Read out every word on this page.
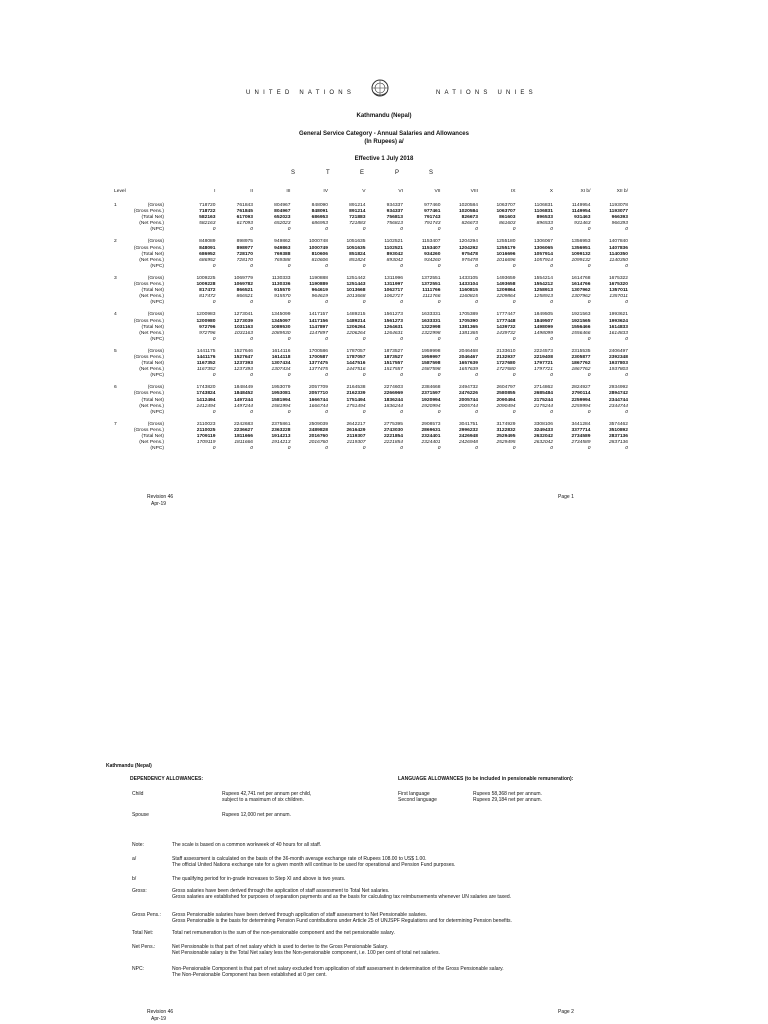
UNITED NATIONS	NATIONS UNIES
Kathmandu (Nepal)
General Service Category - Annual Salaries and Allowances
(In Rupees) a/
Effective 1 July 2018
S	T	E	P	S
Level		I	II	III	IV	V	VI	VII	VIII	IX	X	XI b/	XII b/

1	(Gross)	718720	761843	804967	848090	891214	934337	977460	1020584	1063707	1106831	1149954	1193078
	(Gross Pens.)	718722	761845	804967	848091	891214	934337	977461	1020584	1063707	1106831	1149954	1193077
	(Total Net)	582163	617093	652023	686953	721883	756813	791743	826673	861603	896533	931463	966393
	(Net Pens.)	582163	617093	652023	686953	721883	756813	791743	826673	861603	896533	931463	966393
	(NPC)	0	0	0	0	0	0	0	0	0	0	0	0

2	(Gross)	848089	898975	949862	1000748	1051635	1102521	1153407	1204294	1255180	1306067	1356953	1407840
	(Gross Pens.)	848091	898977	949863	1000749	1051635	1102521	1153407	1204292	1255179	1306065	1356951	1407836
	(Total Net)	686952	728170	769388	810606	851824	893042	934260	975478	1016696	1057914	1099132	1140350
	(Net Pens.)	686952	728170	769388	810606	851824	893042	934260	975478	1016696	1057914	1099132	1140350
	(NPC)	0	0	0	0	0	0	0	0	0	0	0	0

3	(Gross)	1009225	1069779	1130333	1190888	1251442	1311996	1372551	1433105	1493659	1554214	1614768	1675322
	(Gross Pens.)	1009228	1069782	1130336	1190889	1251443	1311997	1372551	1433104	1493658	1554212	1614766	1675320
	(Total Net)	817472	866521	915570	964619	1013668	1062717	1111766	1160815	1209864	1258913	1307962	1357011
	(Net Pens.)	817472	866521	915570	964619	1013668	1062717	1111766	1160815	1209864	1258913	1307962	1357011
	(NPC)	0	0	0	0	0	0	0	0	0	0	0	0

4	(Gross)	1200983	1273041	1345099	1417157	1489215	1561273	1633331	1705389	1777447	1849505	1921563	1993621
	(Gross Pens.)	1200980	1273039	1345097	1417156	1489214	1561273	1633331	1705390	1777448	1849507	1921565	1993624
	(Total Net)	972796	1031163	1089530	1147897	1206264	1264631	1322998	1381365	1439732	1498099	1556466	1614833
	(Net Pens.)	972796	1031163	1089530	1147897	1206264	1264631	1322998	1381365	1439732	1498099	1556466	1614833
	(NPC)	0	0	0	0	0	0	0	0	0	0	0	0

5	(Gross)	1441175	1527646	1614116	1700586	1787057	1873527	1959998	2046468	2133610	2224573	2315535	2406497
	(Gross Pens.)	1441176	1527647	1614118	1700587	1787057	1873527	1959997	2046467	2132937	2219408	2305877	2392348
	(Total Net)	1167352	1237393	1307434	1377475	1447516	1517557	1587598	1657639	1727680	1797721	1867762	1937803
	(Net Pens.)	1167352	1237393	1307434	1377475	1447516	1517557	1587598	1657639	1727680	1797721	1867762	1937803
	(NPC)	0	0	0	0	0	0	0	0	0	0	0	0

6	(Gross)	1743820	1848449	1953079	2057709	2164538	2274603	2384668	2494732	2604797	2714862	2824927	2934992
	(Gross Pens.)	1743824	1848452	1953081	2057710	2162339	2266969	2371597	2476226	2580855	2685484	2790114	2894742
	(Total Net)	1412494	1497244	1581994	1666744	1751494	1836244	1920994	2005744	2090494	2175244	2259994	2344744
	(Net Pens.)	1412494	1497244	1581994	1666744	1751494	1836244	1920994	2005744	2090494	2175244	2259994	2344744
	(NPC)	0	0	0	0	0	0	0	0	0	0	0	0

7	(Gross)	2110023	2242683	2375861	2509039	2642217	2775395	2908573	3041751	3174929	3308106	3441284	3574462
	(Gross Pens.)	2110025	2236627	2363228	2489828	2616429	2743030	2869631	2996232	3122832	3249433	3377714	3510892
	(Total Net)	1709119	1811666	1914213	2016760	2119307	2221854	2324401	2426948	2529495	2632042	2734589	2837136
	(Net Pens.)	1709119	1811666	1914213	2016760	2119307	2221854	2324401	2426948	2529495	2632042	2734589	2837136
	(NPC)	0	0	0	0	0	0	0	0	0	0	0	0
Revision 46
Apr-19
Page 1
Kathmandu (Nepal)
DEPENDENCY ALLOWANCES:	LANGUAGE ALLOWANCES (to be included in pensionable remuneration):
Child	Rupees 42,741 net per annum per child,
subject to a maximum of six children.
Spouse	Rupees 12,000 net per annum.
First language	Rupees 58,368 net per annum.
Second language	Rupees 29,184 net per annum.
Note:	The scale is based on a common workweek of 40 hours for all staff.
a/	Staff assessment is calculated on the basis of the 36-month average exchange rate of Rupees 108.00 to US$ 1.00.
The official United Nations exchange rate for a given month will continue to be used for operational and Pension Fund purposes.
b/	The qualifying period for in-grade increases to Step XI and above is two years.
Gross:	Gross salaries have been derived through the application of staff assessment to Total Net salaries.
Gross salaries are established for purposes of separation payments and as the basis for calculating tax reimbursements whenever UN salaries are taxed.
Gross Pens.: Gross Pensionable salaries have been derived through application of staff assessment to Net Pensionable salaries.
Gross Pensionable is the basis for determining Pension Fund contributions under Article 25 of UNJSPF Regulations and for determining Pension benefits.
Total Net:	Total net remuneration is the sum of the non-pensionable component and the net pensionable salary.
Net Pens.:	Net Pensionable is that part of net salary which is used to derive to the Gross Pensionable Salary.
Net Pensionable salary is the Total Net salary less the Non-pensionable component, i.e. 100 per cent of total net salaries.
NPC:	Non-Pensionable Component is that part of net salary excluded from application of staff assessment in determination of the Gross Pensionable salary.
The Non-Pensionable Component has been established at 0 per cent.
Revision 46
Apr-19
Page 2
